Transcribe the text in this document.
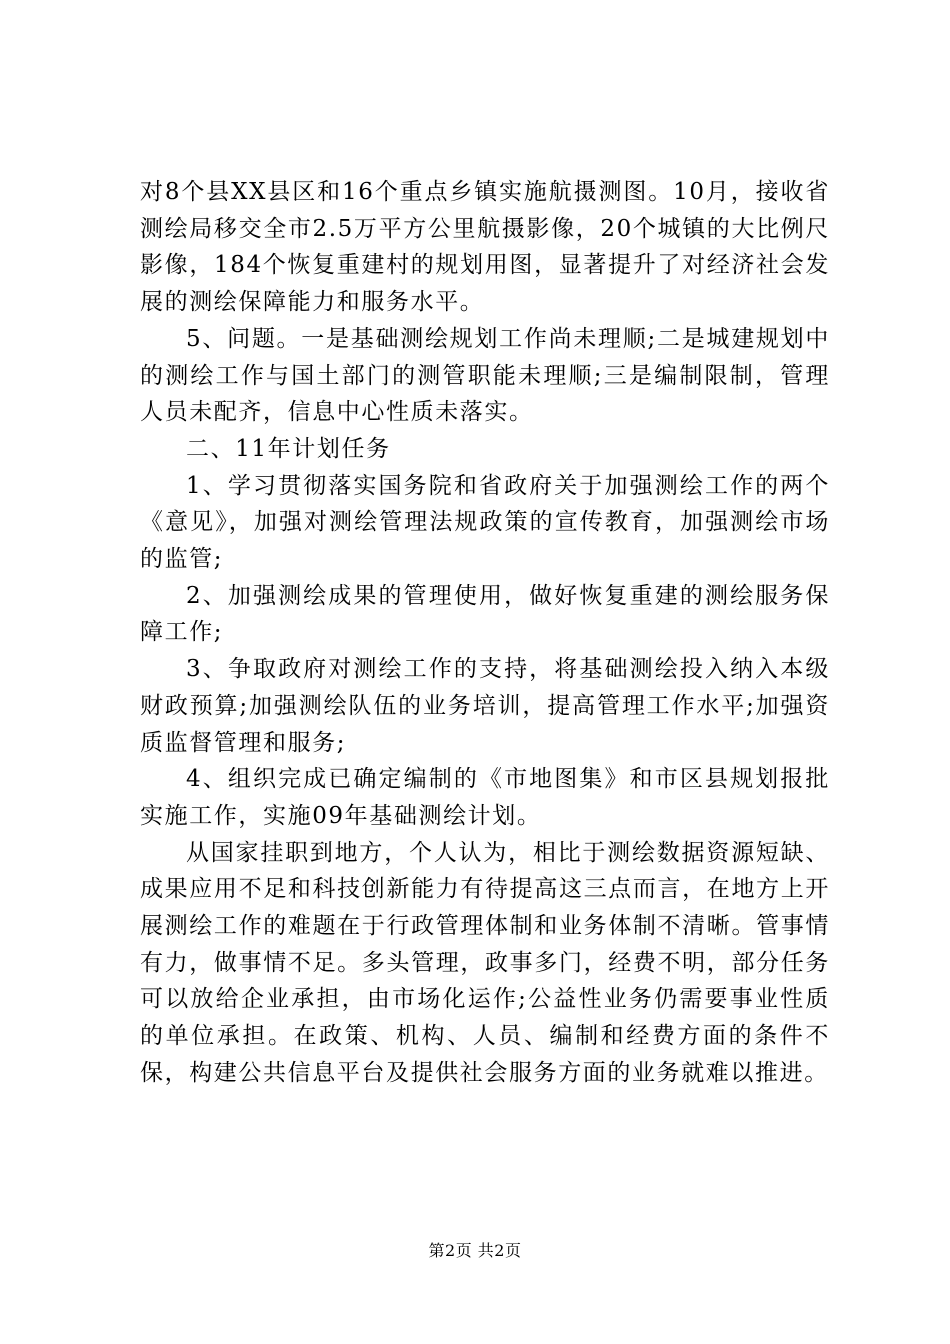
对8个县XX县区和16个重点乡镇实施航摄测图。10月，接收省测绘局移交全市2.5万平方公里航摄影像，20个城镇的大比例尺影像，184个恢复重建村的规划用图，显著提升了对经济社会发展的测绘保障能力和服务水平。

5、问题。一是基础测绘规划工作尚未理顺;二是城建规划中的测绘工作与国土部门的测管职能未理顺;三是编制限制，管理人员未配齐，信息中心性质未落实。

二、11年计划任务

1、学习贯彻落实国务院和省政府关于加强测绘工作的两个《意见》，加强对测绘管理法规政策的宣传教育，加强测绘市场的监管;

2、加强测绘成果的管理使用，做好恢复重建的测绘服务保障工作;

3、争取政府对测绘工作的支持，将基础测绘投入纳入本级财政预算;加强测绘队伍的业务培训，提高管理工作水平;加强资质监督管理和服务;

4、组织完成已确定编制的《市地图集》和市区县规划报批实施工作，实施09年基础测绘计划。

从国家挂职到地方，个人认为，相比于测绘数据资源短缺、成果应用不足和科技创新能力有待提高这三点而言，在地方上开展测绘工作的难题在于行政管理体制和业务体制不清晰。管事情有力，做事情不足。多头管理，政事多门，经费不明，部分任务可以放给企业承担，由市场化运作;公益性业务仍需要事业性质的单位承担。在政策、机构、人员、编制和经费方面的条件不保，构建公共信息平台及提供社会服务方面的业务就难以推进。

第2页 共2页
